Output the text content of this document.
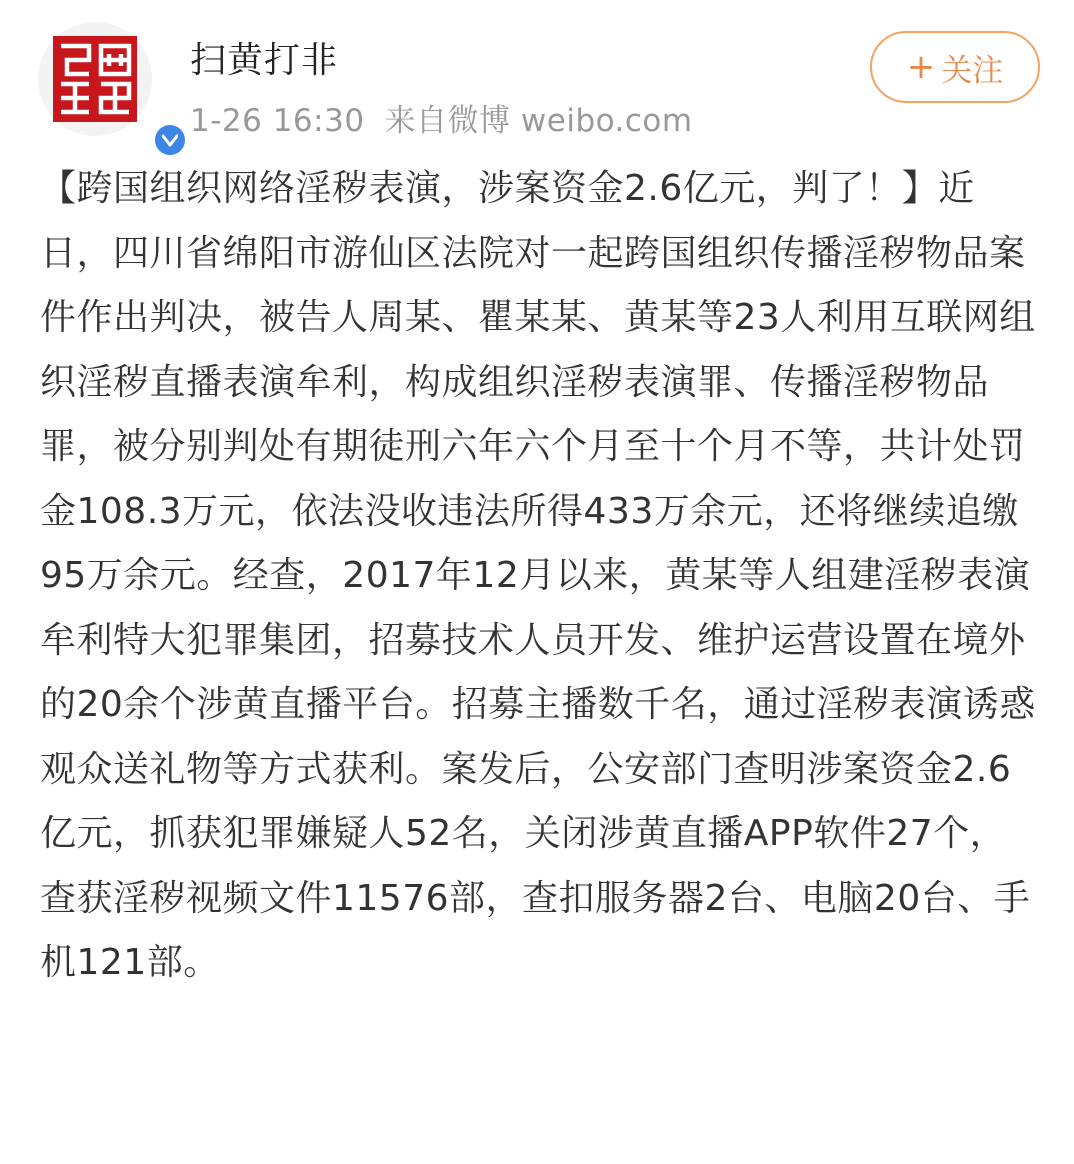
扫黄打非
1-26 16:30 来自微博 weibo.com
+ 关注

【跨国组织网络淫秽表演，涉案资金2.6亿元，判了！】近日，四川省绵阳市游仙区法院对一起跨国组织传播淫秽物品案件作出判决，被告人周某、瞿某某、黄某等23人利用互联网组织淫秽直播表演牟利，构成组织淫秽表演罪、传播淫秽物品罪，被分别判处有期徒刑六年六个月至十个月不等，共计处罚金108.3万元，依法没收违法所得433万余元，还将继续追缴95万余元。经查，2017年12月以来，黄某等人组建淫秽表演牟利特大犯罪集团，招募技术人员开发、维护运营设置在境外的20余个涉黄直播平台。招募主播数千名，通过淫秽表演诱惑观众送礼物等方式获利。案发后，公安部门查明涉案资金2.6亿元，抓获犯罪嫌疑人52名，关闭涉黄直播APP软件27个，查获淫秽视频文件11576部，查扣服务器2台、电脑20台、手机121部。
